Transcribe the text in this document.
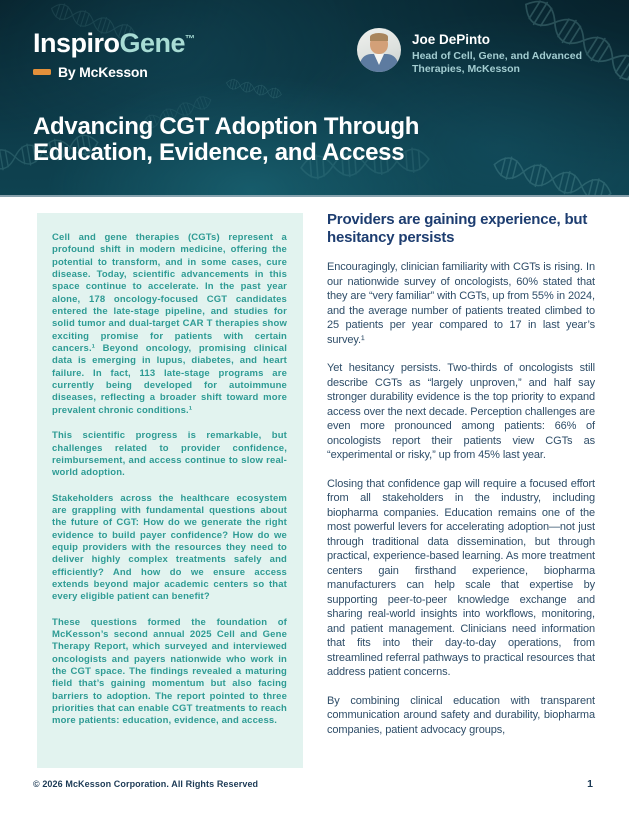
InspiroGene™
By McKesson
Joe DePinto
Head of Cell, Gene, and Advanced Therapies, McKesson
Advancing CGT Adoption Through
Education, Evidence, and Access

Cell and gene therapies (CGTs) represent a profound shift in modern medicine, offering the potential to transform, and in some cases, cure disease. Today, scientific advancements in this space continue to accelerate. In the past year alone, 178 oncology-focused CGT candidates entered the late-stage pipeline, and studies for solid tumor and dual-target CAR T therapies show exciting promise for patients with certain cancers.¹ Beyond oncology, promising clinical data is emerging in lupus, diabetes, and heart failure. In fact, 113 late-stage programs are currently being developed for autoimmune diseases, reflecting a broader shift toward more prevalent chronic conditions.¹

This scientific progress is remarkable, but challenges related to provider confidence, reimbursement, and access continue to slow real-world adoption.

Stakeholders across the healthcare ecosystem are grappling with fundamental questions about the future of CGT: How do we generate the right evidence to build payer confidence? How do we equip providers with the resources they need to deliver highly complex treatments safely and efficiently? And how do we ensure access extends beyond major academic centers so that every eligible patient can benefit?

These questions formed the foundation of McKesson’s second annual 2025 Cell and Gene Therapy Report, which surveyed and interviewed oncologists and payers nationwide who work in the CGT space. The findings revealed a maturing field that’s gaining momentum but also facing barriers to adoption. The report pointed to three priorities that can enable CGT treatments to reach more patients: education, evidence, and access.

Providers are gaining experience, but hesitancy persists

Encouragingly, clinician familiarity with CGTs is rising. In our nationwide survey of oncologists, 60% stated that they are “very familiar” with CGTs, up from 55% in 2024, and the average number of patients treated climbed to 25 patients per year compared to 17 in last year’s survey.¹

Yet hesitancy persists. Two-thirds of oncologists still describe CGTs as “largely unproven,” and half say stronger durability evidence is the top priority to expand access over the next decade. Perception challenges are even more pronounced among patients: 66% of oncologists report their patients view CGTs as “experimental or risky,” up from 45% last year.

Closing that confidence gap will require a focused effort from all stakeholders in the industry, including biopharma companies. Education remains one of the most powerful levers for accelerating adoption—not just through traditional data dissemination, but through practical, experience-based learning. As more treatment centers gain firsthand experience, biopharma manufacturers can help scale that expertise by supporting peer-to-peer knowledge exchange and sharing real-world insights into workflows, monitoring, and patient management. Clinicians need information that fits into their day-to-day operations, from streamlined referral pathways to practical resources that address patient concerns.

By combining clinical education with transparent communication around safety and durability, biopharma companies, patient advocacy groups,

© 2026 McKesson Corporation. All Rights Reserved	1
